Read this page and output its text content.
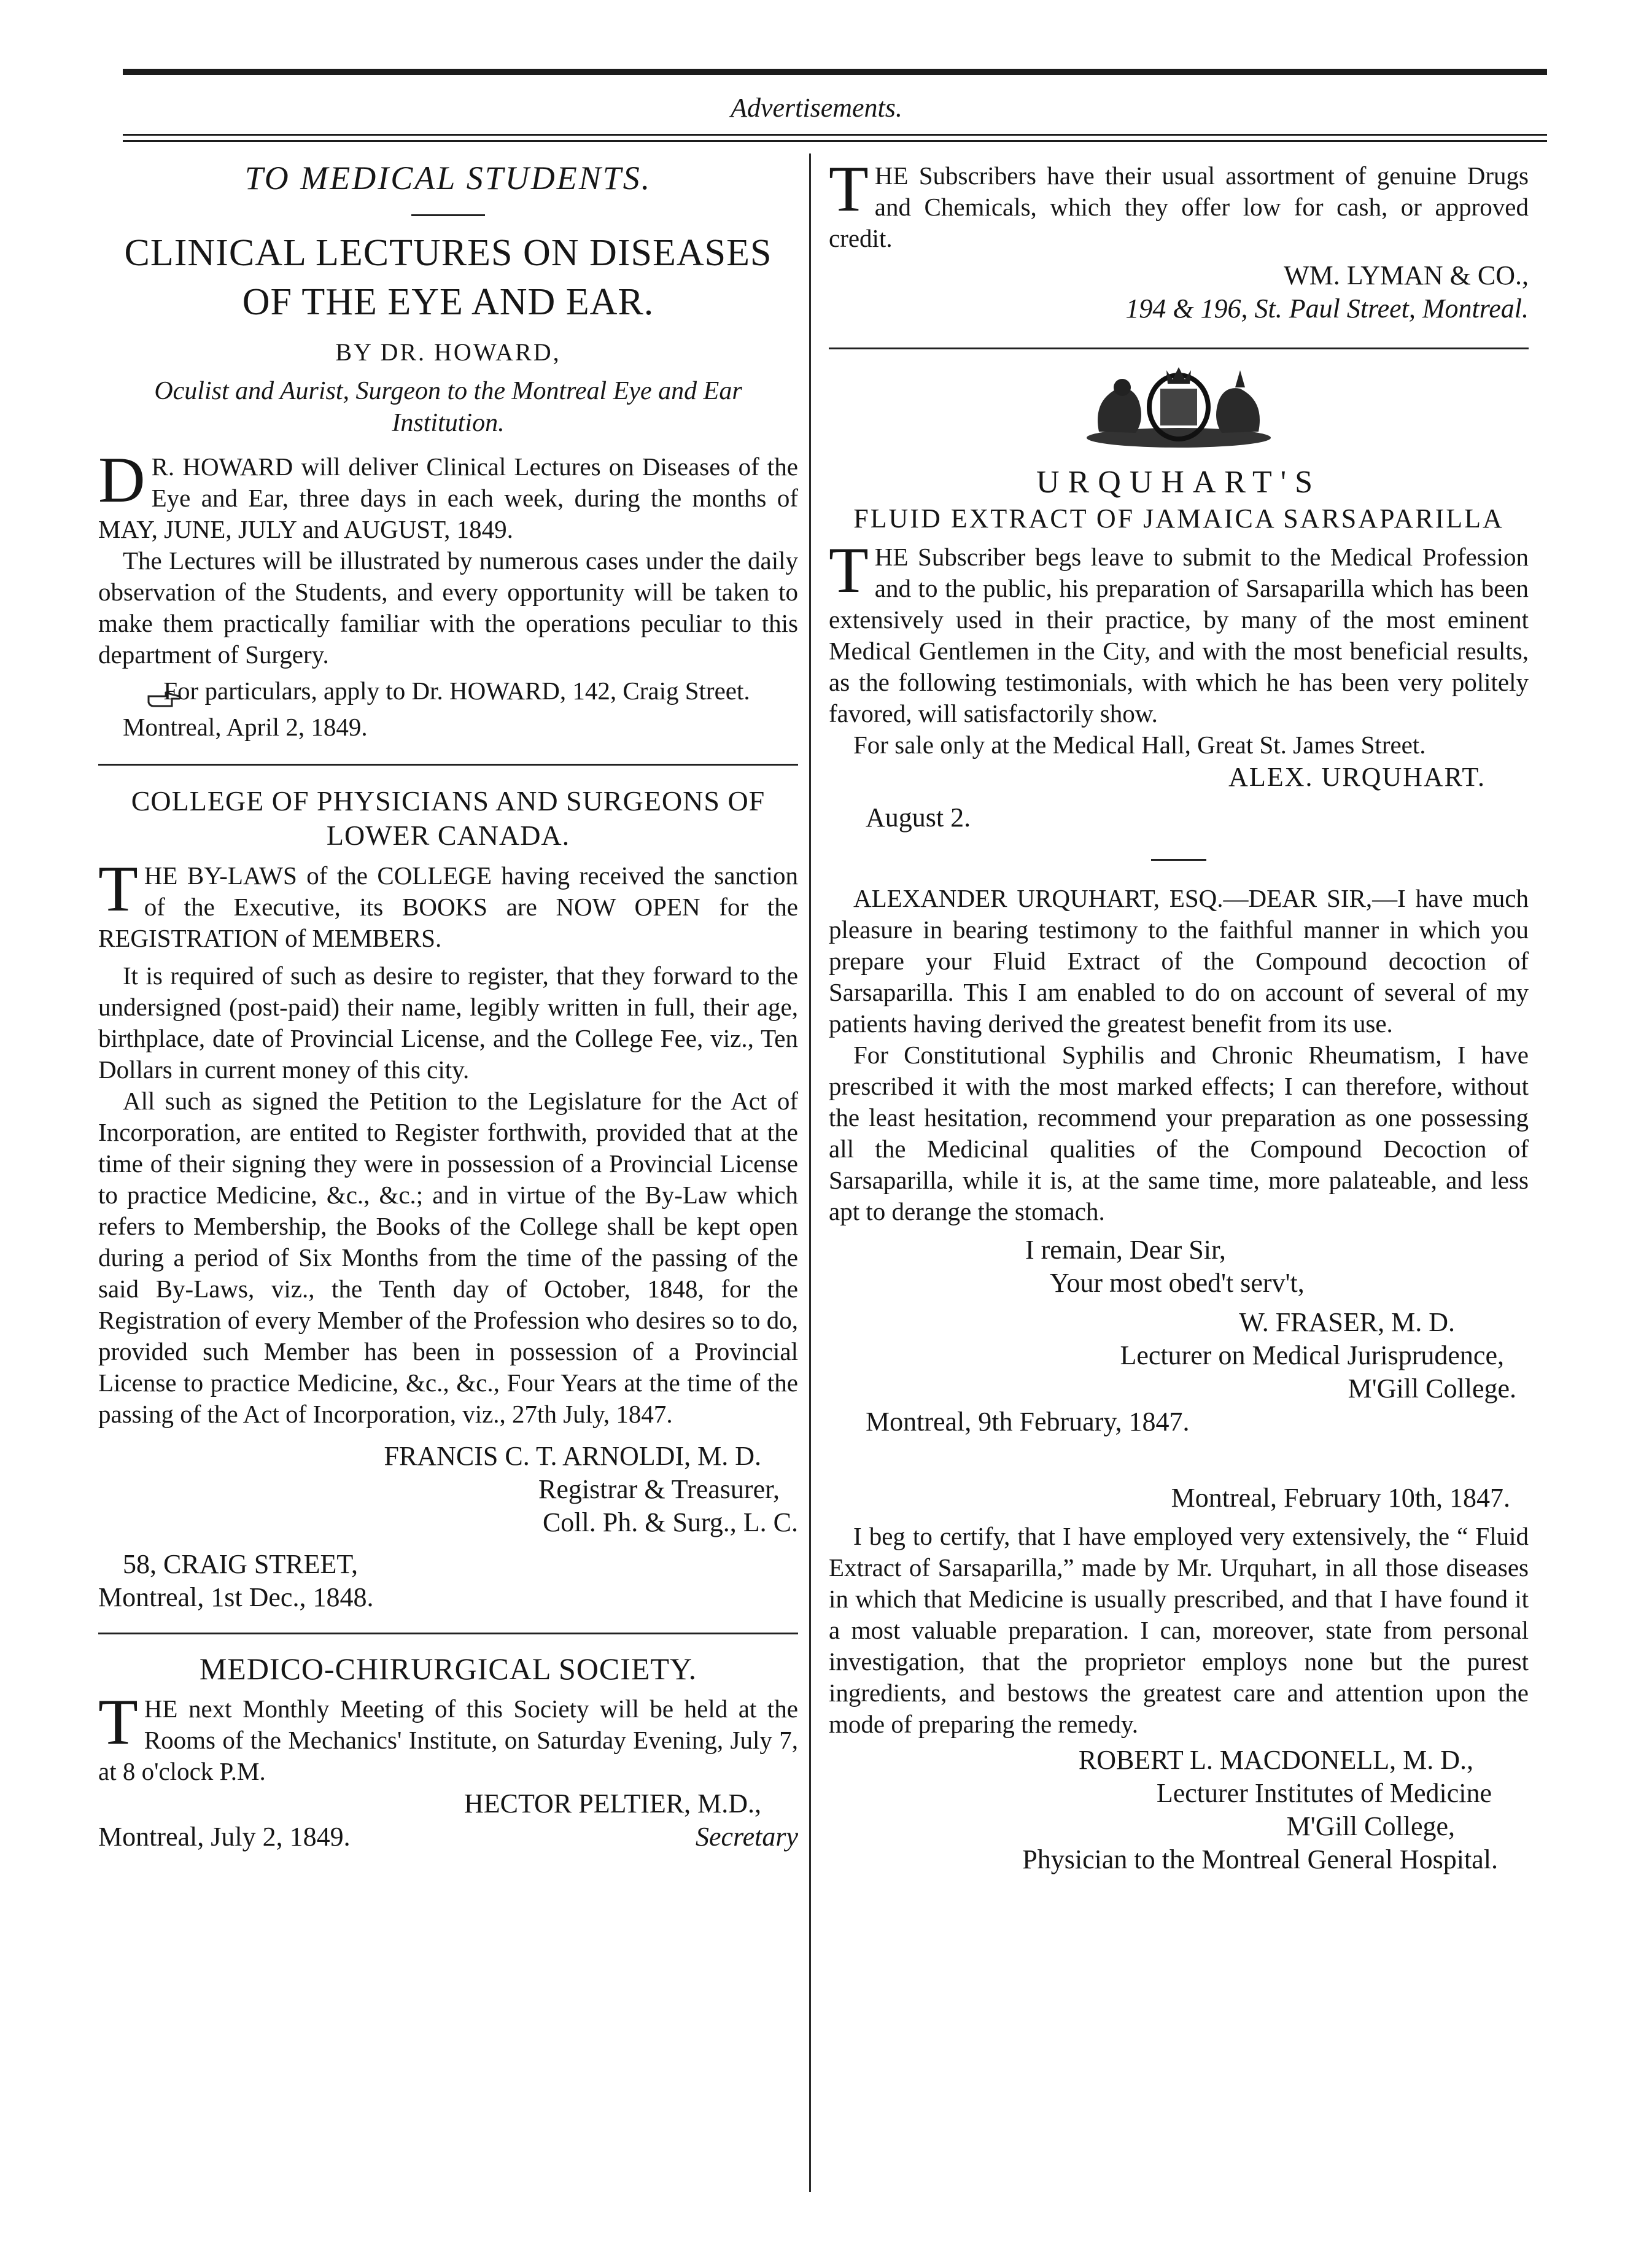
Advertisements.
TO MEDICAL STUDENTS.
CLINICAL LECTURES ON DISEASES
OF THE EYE AND EAR.
BY DR. HOWARD,
Oculist and Aurist, Surgeon to the Montreal Eye and Ear Institution.

D R. HOWARD will deliver Clinical Lectures on Diseases of the Eye and Ear, three days in each week, during the months of MAY, JUNE, JULY and AUGUST, 1849.

The Lectures will be illustrated by numerous cases under the daily observation of the Students, and every opportunity will be taken to make them practically familiar with the operations peculiar to this department of Surgery.

For particulars, apply to Dr. HOWARD, 142, Craig Street.

Montreal, April 2, 1849.

COLLEGE OF PHYSICIANS AND SURGEONS OF LOWER CANADA.

THE BY-LAWS of the COLLEGE having received the sanction of the Executive, its BOOKS are NOW OPEN for the REGISTRATION of MEMBERS.

It is required of such as desire to register, that they forward to the undersigned (post-paid) their name, legibly written in full, their age, birthplace, date of Provincial License, and the College Fee, viz., Ten Dollars in current money of this city.

All such as signed the Petition to the Legislature for the Act of Incorporation, are entited to Register forthwith, provided that at the time of their signing they were in possession of a Provincial License to practice Medicine, &c., &c.; and in virtue of the By-Law which refers to Membership, the Books of the College shall be kept open during a period of Six Months from the time of the passing of the said By-Laws, viz., the Tenth day of October, 1848, for the Registration of every Member of the Profession who desires so to do, provided such Member has been in possession of a Provincial License to practice Medicine, &c., &c., Four Years at the time of the passing of the Act of Incorporation, viz., 27th July, 1847.

FRANCIS C. T. ARNOLDI, M. D.
Registrar & Treasurer,
Coll. Ph. & Surg., L. C.
58, CRAIG STREET,
Montreal, 1st Dec., 1848.
MEDICO-CHIRURGICAL SOCIETY.

THE next Monthly Meeting of this Society will be held at the Rooms of the Mechanics' Institute, on Saturday Evening, July 7, at 8 o'clock P.M.

HECTOR PELTIER, M.D.,
Montreal, July 2, 1849.	Secretary

THE Subscribers have their usual assortment of genuine Drugs and Chemicals, which they offer low for cash, or approved credit.

WM. LYMAN & CO.,
194 & 196, St. Paul Street, Montreal.
URQUHART'S
FLUID EXTRACT OF JAMAICA SARSAPARILLA

THE Subscriber begs leave to submit to the Medical Profession and to the public, his preparation of Sarsaparilla which has been extensively used in their practice, by many of the most eminent Medical Gentlemen in the City, and with the most beneficial results, as the following testimonials, with which he has been very politely favored, will satisfactorily show.

For sale only at the Medical Hall, Great St. James Street.

ALEX. URQUHART.
August 2.

ALEXANDER URQUHART, ESQ.—DEAR SIR,—I have much pleasure in bearing testimony to the faithful manner in which you prepare your Fluid Extract of the Compound decoction of Sarsaparilla. This I am enabled to do on account of several of my patients having derived the greatest benefit from its use.

For Constitutional Syphilis and Chronic Rheumatism, I have prescribed it with the most marked effects; I can therefore, without the least hesitation, recommend your preparation as one possessing all the Medicinal qualities of the Compound Decoction of Sarsaparilla, while it is, at the same time, more palateable, and less apt to derange the stomach.

I remain, Dear Sir,
Your most obed't serv't,
W. FRASER, M. D.
Lecturer on Medical Jurisprudence,
M'Gill College.
Montreal, 9th February, 1847.
Montreal, February 10th, 1847.

I beg to certify, that I have employed very extensively, the “ Fluid Extract of Sarsaparilla,” made by Mr. Urquhart, in all those diseases in which that Medicine is usually prescribed, and that I have found it a most valuable preparation. I can, moreover, state from personal investigation, that the proprietor employs none but the purest ingredients, and bestows the greatest care and attention upon the mode of preparing the remedy.

ROBERT L. MACDONELL, M. D.,
Lecturer Institutes of Medicine
M'Gill College,
Physician to the Montreal General Hospital.
